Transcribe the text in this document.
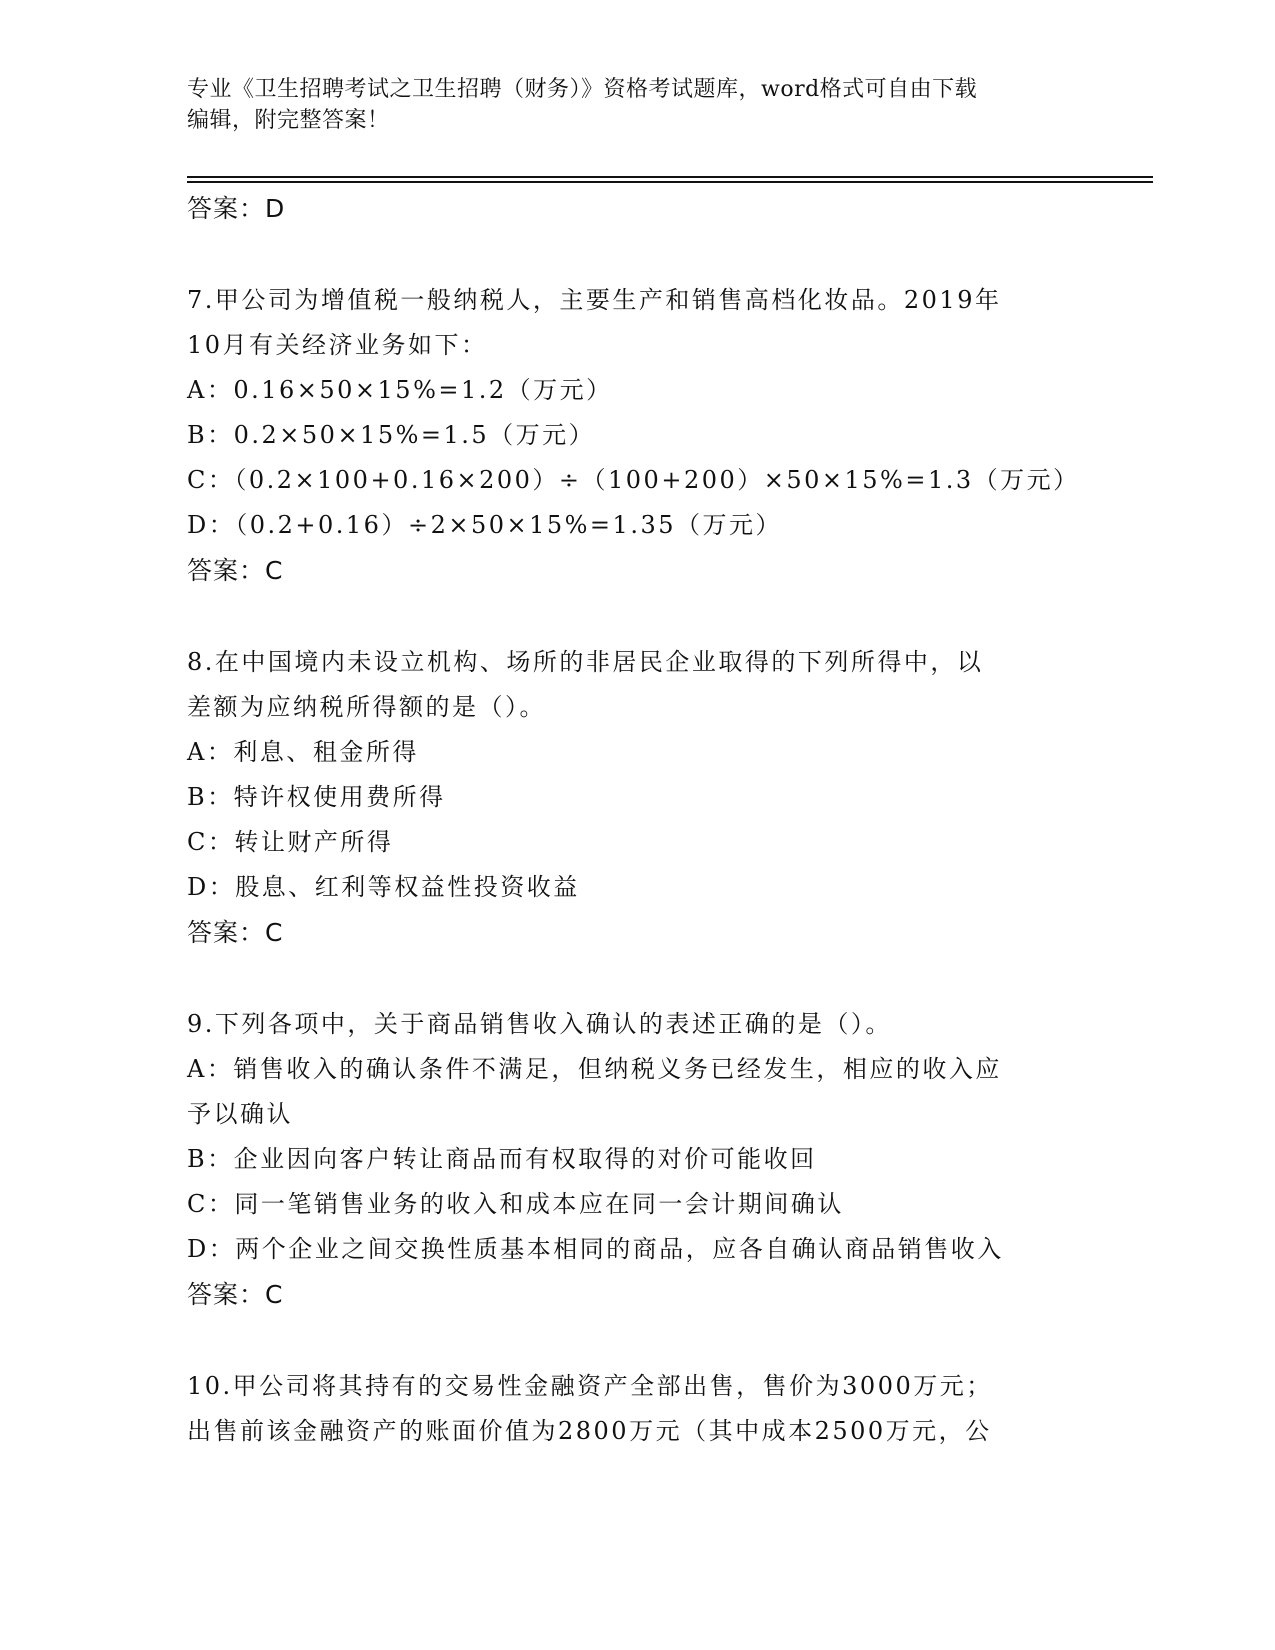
专业《卫生招聘考试之卫生招聘（财务）》资格考试题库，word格式可自由下载
编辑，附完整答案！
答案：D
7.甲公司为增值税一般纳税人，主要生产和销售高档化妆品。2019年
10月有关经济业务如下：
A：0.16×50×15%=1.2（万元）
B：0.2×50×15%=1.5（万元）
C：（0.2×100+0.16×200）÷（100+200）×50×15%=1.3（万元）
D：（0.2+0.16）÷2×50×15%=1.35（万元）
答案：C
8.在中国境内未设立机构、场所的非居民企业取得的下列所得中，以
差额为应纳税所得额的是（）。
A：利息、租金所得
B：特许权使用费所得
C：转让财产所得
D：股息、红利等权益性投资收益
答案：C
9.下列各项中，关于商品销售收入确认的表述正确的是（）。
A：销售收入的确认条件不满足，但纳税义务已经发生，相应的收入应
予以确认
B：企业因向客户转让商品而有权取得的对价可能收回
C：同一笔销售业务的收入和成本应在同一会计期间确认
D：两个企业之间交换性质基本相同的商品，应各自确认商品销售收入
答案：C
10.甲公司将其持有的交易性金融资产全部出售，售价为3000万元；
出售前该金融资产的账面价值为2800万元（其中成本2500万元，公
